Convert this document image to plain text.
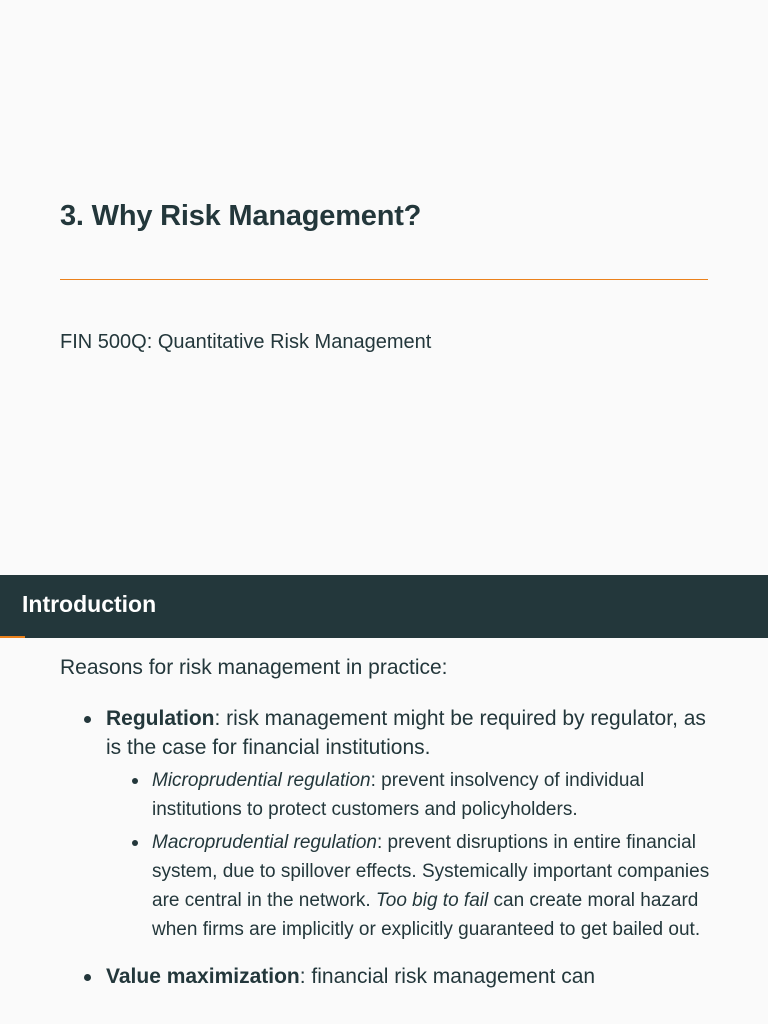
3. Why Risk Management?

FIN 500Q: Quantitative Risk Management

Introduction

Reasons for risk management in practice:

Regulation: risk management might be required by regulator, as is the case for financial institutions.
Microprudential regulation: prevent insolvency of individual institutions to protect customers and policyholders.
Macroprudential regulation: prevent disruptions in entire financial system, due to spillover effects. Systemically important companies are central in the network. Too big to fail can create moral hazard when firms are implicitly or explicitly guaranteed to get bailed out.
Value maximization: financial risk management can
